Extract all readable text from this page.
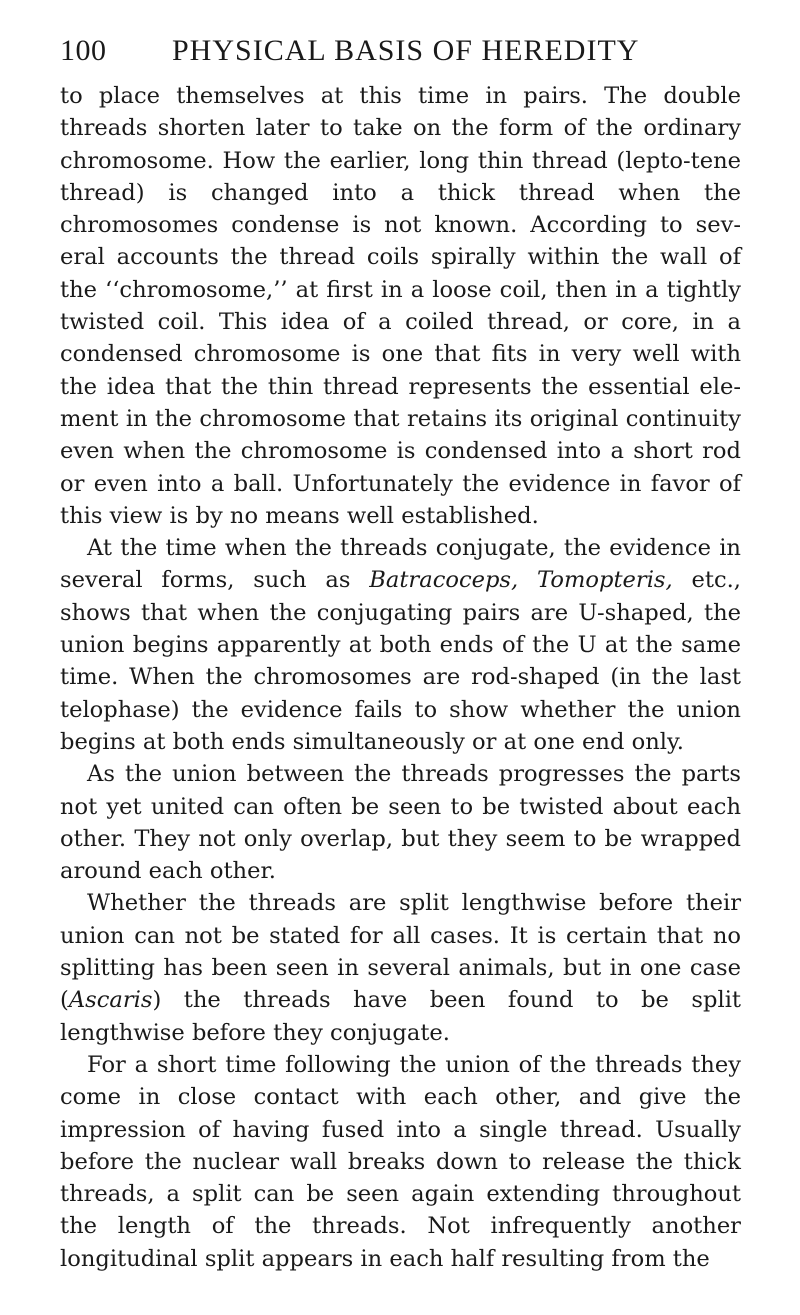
100 PHYSICAL BASIS OF HEREDITY

to place themselves at this time in pairs. The double threads shorten later to take on the form of the ordinary chromosome. How the earlier, long thin thread (lepto-tene thread) is changed into a thick thread when the chromosomes condense is not known. According to sev-eral accounts the thread coils spirally within the wall of the ‘‘chromosome,’’ at first in a loose coil, then in a tightly twisted coil. This idea of a coiled thread, or core, in a condensed chromosome is one that fits in very well with the idea that the thin thread represents the essential ele-ment in the chromosome that retains its original continuity even when the chromosome is condensed into a short rod or even into a ball. Unfortunately the evidence in favor of this view is by no means well established.

At the time when the threads conjugate, the evidence in several forms, such as Batracoceps, Tomopteris, etc., shows that when the conjugating pairs are U-shaped, the union begins apparently at both ends of the U at the same time. When the chromosomes are rod-shaped (in the last telophase) the evidence fails to show whether the union begins at both ends simultaneously or at one end only.

As the union between the threads progresses the parts not yet united can often be seen to be twisted about each other. They not only overlap, but they seem to be wrapped around each other.

Whether the threads are split lengthwise before their union can not be stated for all cases. It is certain that no splitting has been seen in several animals, but in one case (Ascaris) the threads have been found to be split lengthwise before they conjugate.

For a short time following the union of the threads they come in close contact with each other, and give the impression of having fused into a single thread. Usually before the nuclear wall breaks down to release the thick threads, a split can be seen again extending throughout the length of the threads. Not infrequently another longitudinal split appears in each half resulting from the
